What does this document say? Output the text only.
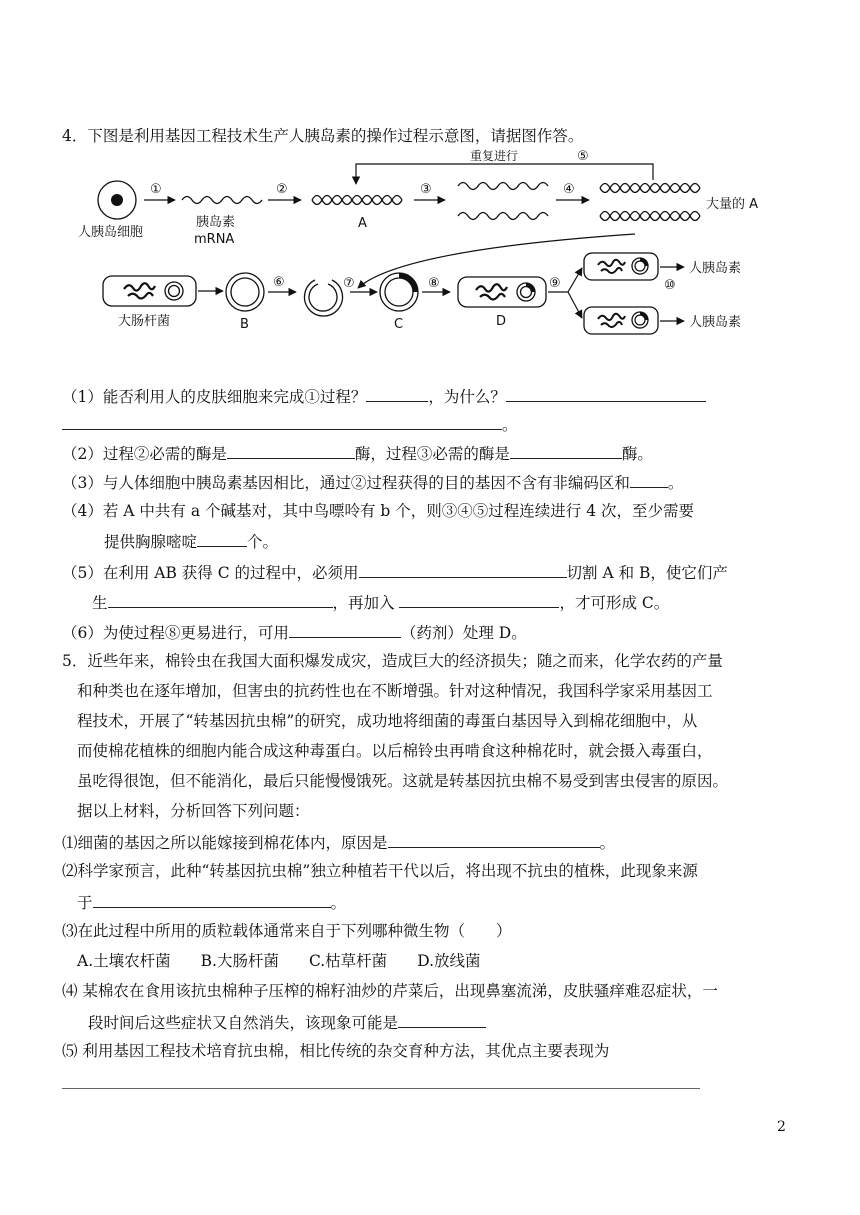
4．下图是利用基因工程技术生产人胰岛素的操作过程示意图，请据图作答。
重复进行	⑤
人胰岛细胞
①
胰岛素
mRNA
②
A
③	④
大量的 A
大肠杆菌	B
⑥	⑦
C
⑧
D
⑨
人胰岛素
⑩
人胰岛素
（1）能否利用人的皮肤细胞来完成①过程？	，为什么？
。
（2）过程②必需的酶是	酶，过程③必需的酶是	酶。
（3）与人体细胞中胰岛素基因相比，通过②过程获得的目的基因不含有非编码区和 。
（4）若 A 中共有 a 个碱基对，其中鸟嘌呤有 b 个，则③④⑤过程连续进行 4 次，至少需要
提供胸腺嘧啶	个。
（5）在利用 AB 获得 C 的过程中，必须用	切割 A 和 B，使它们产
生	，再加入	，才可形成 C。
（6）为使过程⑧更易进行，可用	（药剂）处理 D。
5．近些年来，棉铃虫在我国大面积爆发成灾，造成巨大的经济损失；随之而来，化学农药的产量
和种类也在逐年增加，但害虫的抗药性也在不断增强。针对这种情况，我国科学家采用基因工
程技术，开展了“转基因抗虫棉”的研究，成功地将细菌的毒蛋白基因导入到棉花细胞中，从
而使棉花植株的细胞内能合成这种毒蛋白。以后棉铃虫再啃食这种棉花时，就会摄入毒蛋白，
虽吃得很饱，但不能消化，最后只能慢慢饿死。这就是转基因抗虫棉不易受到害虫侵害的原因。
据以上材料，分析回答下列问题：
⑴细菌的基因之所以能嫁接到棉花体内，原因是	。
⑵科学家预言，此种“转基因抗虫棉”独立种植若干代以后，将出现不抗虫的植株，此现象来源
于	。
⑶在此过程中所用的质粒载体通常来自于下列哪种微生物（　　）
A.土壤农杆菌 B.大肠杆菌 C.枯草杆菌 D.放线菌
⑷ 某棉农在食用该抗虫棉种子压榨的棉籽油炒的芹菜后，出现鼻塞流涕，皮肤骚痒难忍症状，一
段时间后这些症状又自然消失，该现象可能是
⑸ 利用基因工程技术培育抗虫棉，相比传统的杂交育种方法，其优点主要表现为
2
